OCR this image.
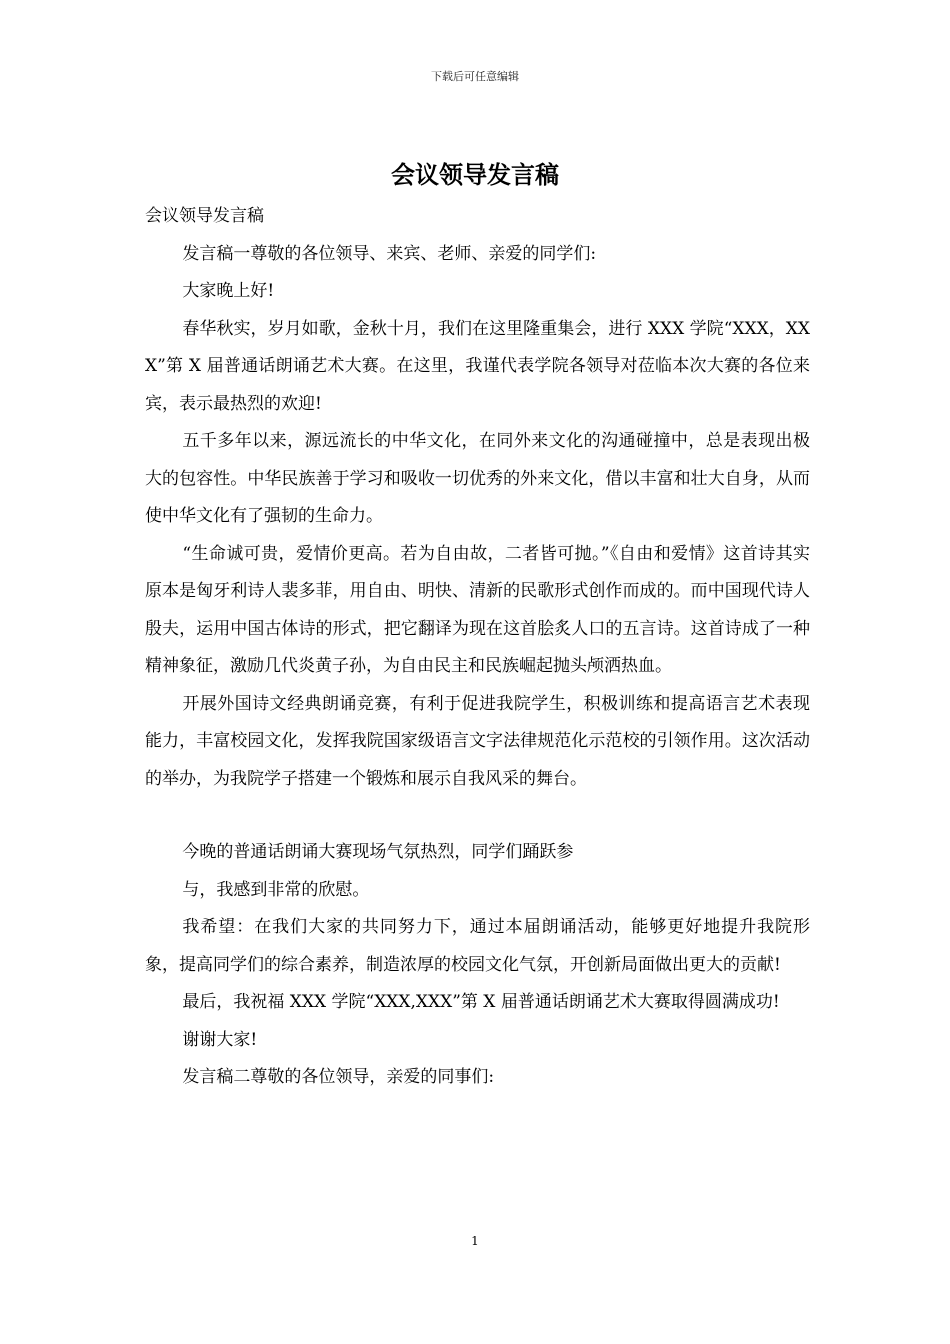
下载后可任意编辑
会议领导发言稿

会议领导发言稿

发言稿一尊敬的各位领导、来宾、老师、亲爱的同学们:

大家晚上好!

春华秋实，岁月如歌，金秋十月，我们在这里隆重集会，进行 XXX 学院“XXX，XXX”第 X 届普通话朗诵艺术大赛。在这里，我谨代表学院各领导对莅临本次大赛的各位来宾，表示最热烈的欢迎!

五千多年以来，源远流长的中华文化，在同外来文化的沟通碰撞中，总是表现出极大的包容性。中华民族善于学习和吸收一切优秀的外来文化，借以丰富和壮大自身，从而使中华文化有了强韧的生命力。

“生命诚可贵，爱情价更高。若为自由故，二者皆可抛。”《自由和爱情》这首诗其实原本是匈牙利诗人裴多菲，用自由、明快、清新的民歌形式创作而成的。而中国现代诗人殷夫，运用中国古体诗的形式，把它翻译为现在这首脍炙人口的五言诗。这首诗成了一种精神象征，激励几代炎黄子孙，为自由民主和民族崛起抛头颅洒热血。

开展外国诗文经典朗诵竞赛，有利于促进我院学生，积极训练和提高语言艺术表现能力，丰富校园文化，发挥我院国家级语言文字法律规范化示范校的引领作用。这次活动的举办，为我院学子搭建一个锻炼和展示自我风采的舞台。

今晚的普通话朗诵大赛现场气氛热烈，同学们踊跃参

与，我感到非常的欣慰。

我希望：在我们大家的共同努力下，通过本届朗诵活动，能够更好地提升我院形象，提高同学们的综合素养，制造浓厚的校园文化气氛，开创新局面做出更大的贡献!

最后，我祝福 XXX 学院“XXX,XXX”第 X 届普通话朗诵艺术大赛取得圆满成功!

谢谢大家!

发言稿二尊敬的各位领导，亲爱的同事们:

1
